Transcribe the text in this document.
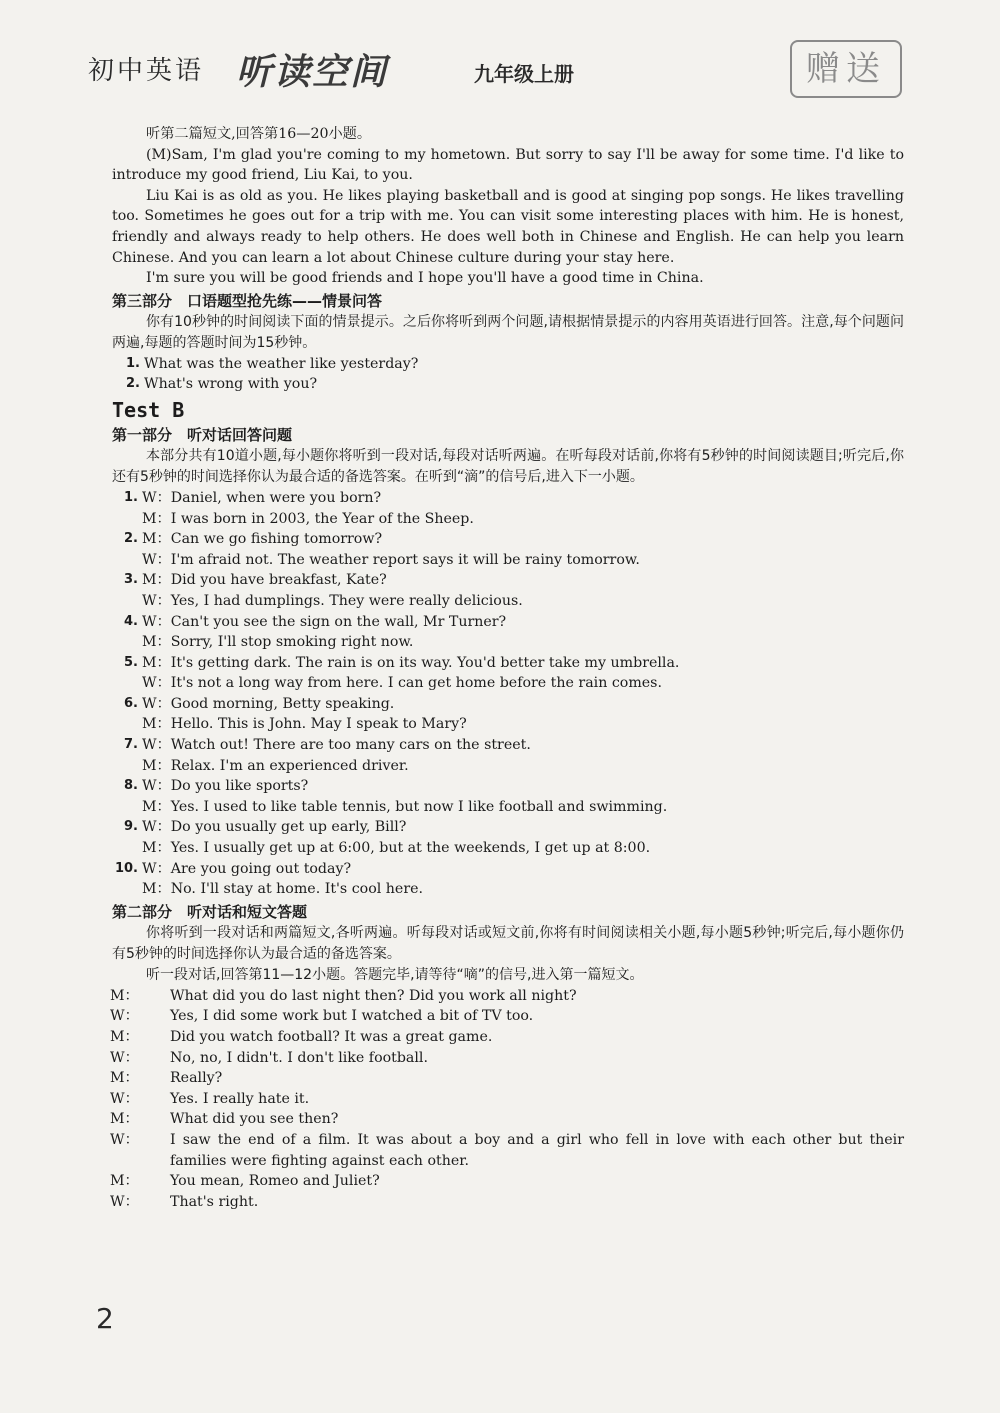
初中英语 听读空间	九年级上册	赠送

听第二篇短文,回答第16—20小题。

(M)Sam, I'm glad you're coming to my hometown. But sorry to say I'll be away for some time. I'd like to introduce my good friend, Liu Kai, to you.

Liu Kai is as old as you. He likes playing basketball and is good at singing pop songs. He likes travelling too. Sometimes he goes out for a trip with me. You can visit some interesting places with him. He is honest, friendly and always ready to help others. He does well both in Chinese and English. He can help you learn Chinese. And you can learn a lot about Chinese culture during your stay here.

I'm sure you will be good friends and I hope you'll have a good time in China.

第三部分　口语题型抢先练——情景问答

你有10秒钟的时间阅读下面的情景提示。之后你将听到两个问题,请根据情景提示的内容用英语进行回答。注意,每个问题问两遍,每题的答题时间为15秒钟。

1. What was the weather like yesterday?
2. What's wrong with you?
Test B
第一部分　听对话回答问题

本部分共有10道小题,每小题你将听到一段对话,每段对话听两遍。在听每段对话前,你将有5秒钟的时间阅读题目;听完后,你还有5秒钟的时间选择你认为最合适的备选答案。在听到“滴”的信号后,进入下一小题。

1. W：Daniel, when were you born?
M：I was born in 2003, the Year of the Sheep.
2. M：Can we go fishing tomorrow?
W：I'm afraid not. The weather report says it will be rainy tomorrow.
3. M：Did you have breakfast, Kate?
W：Yes, I had dumplings. They were really delicious.
4. W：Can't you see the sign on the wall, Mr Turner?
M：Sorry, I'll stop smoking right now.
5. M：It's getting dark. The rain is on its way. You'd better take my umbrella.
W：It's not a long way from here. I can get home before the rain comes.
6. W：Good morning, Betty speaking.
M：Hello. This is John. May I speak to Mary?
7. W：Watch out! There are too many cars on the street.
M：Relax. I'm an experienced driver.
8. W：Do you like sports?
M：Yes. I used to like table tennis, but now I like football and swimming.
9. W：Do you usually get up early, Bill?
M：Yes. I usually get up at 6:00, but at the weekends, I get up at 8:00.
10. W：Are you going out today?
M：No. I'll stay at home. It's cool here.
第二部分　听对话和短文答题

你将听到一段对话和两篇短文,各听两遍。听每段对话或短文前,你将有时间阅读相关小题,每小题5秒钟;听完后,每小题你仍有5秒钟的时间选择你认为最合适的备选答案。

听一段对话,回答第11—12小题。答题完毕,请等待“嘀”的信号,进入第一篇短文。

M： What did you do last night then? Did you work all night?

W： Yes, I did some work but I watched a bit of TV too.

M： Did you watch football? It was a great game.

W： No, no, I didn't. I don't like football.

M： Really?

W： Yes. I really hate it.

M： What did you see then?

W： I saw the end of a film. It was about a boy and a girl who fell in love with each other but their families were fighting against each other.

M： You mean, Romeo and Juliet?

W： That's right.

2
